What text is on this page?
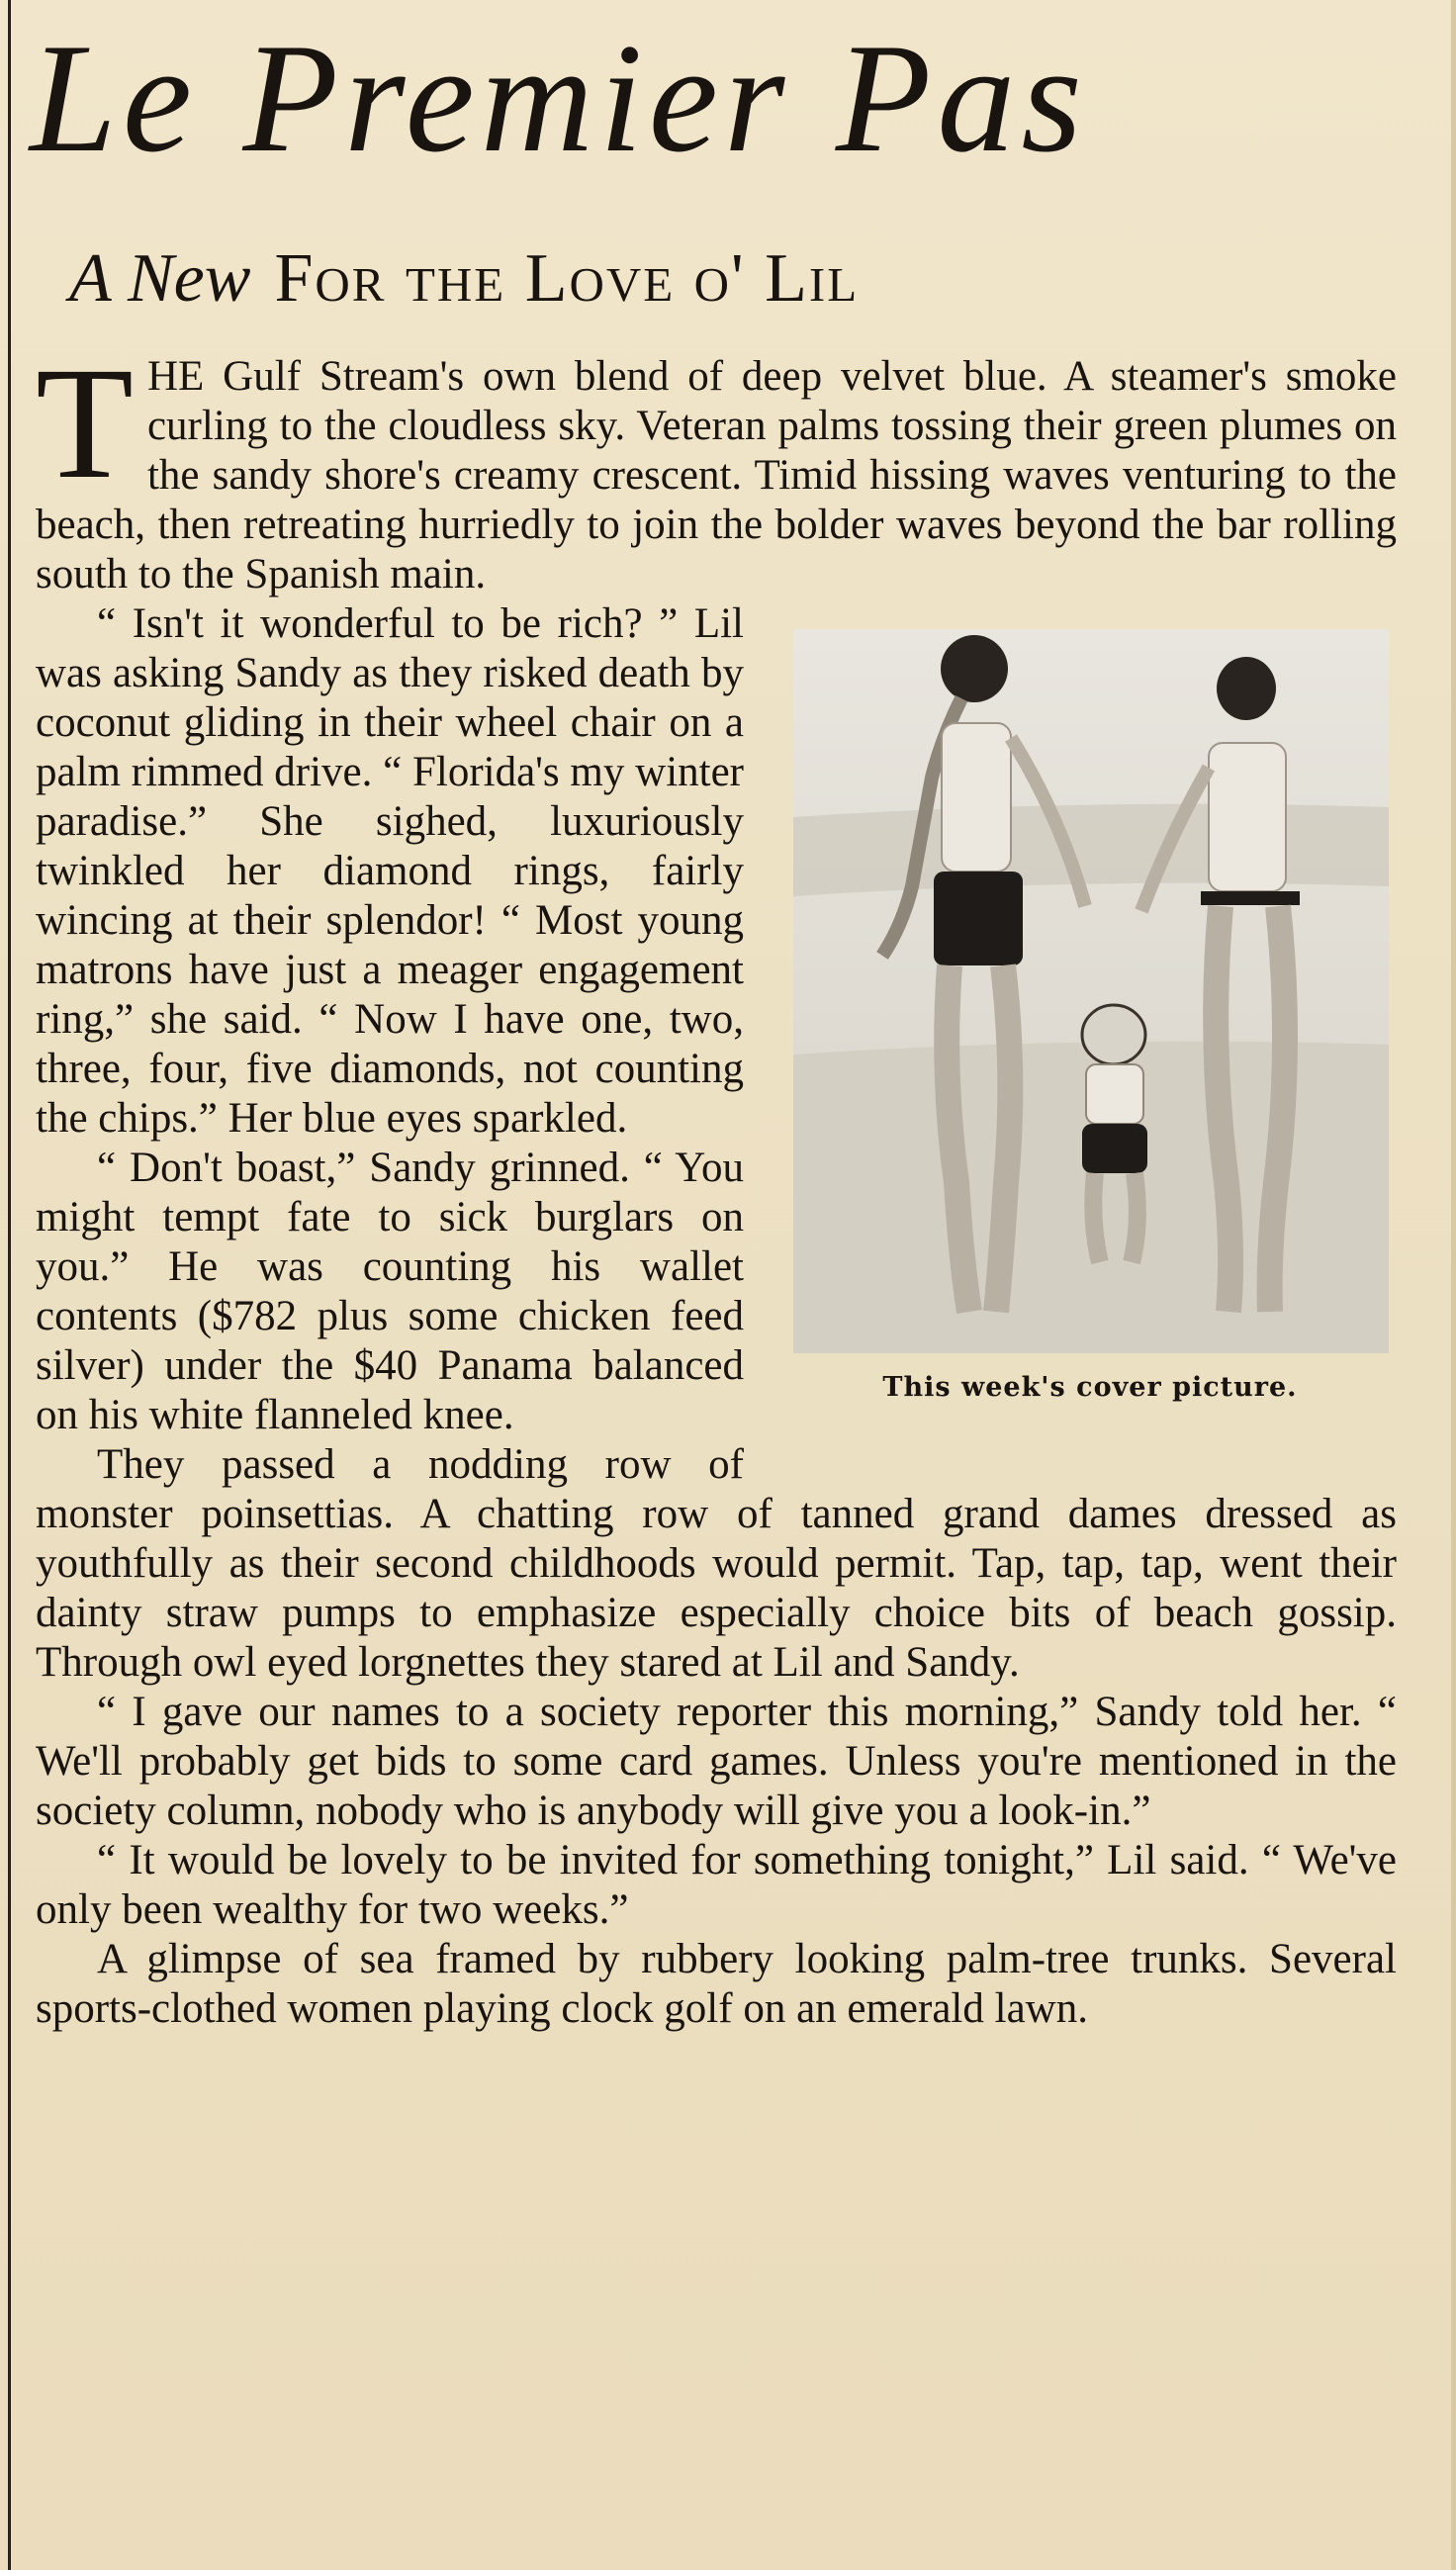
Le Premier Pas
A New For the Love o' Lil

THE Gulf Stream's own blend of deep velvet blue. A steamer's smoke curling to the cloudless sky. Veteran palms tossing their green plumes on the sandy shore's creamy crescent. Timid hissing waves venturing to the beach, then retreating hurriedly to join the bolder waves beyond the bar rolling south to the Spanish main.

This week's cover picture.
“ Isn't it wonderful to be rich? ” Lil was asking Sandy as they risked death by coconut gliding in their wheel chair on a palm rimmed drive. “ Florida's my winter paradise.” She sighed, luxuriously twinkled her diamond rings, fairly wincing at their splendor! “ Most young matrons have just a meager engagement ring,” she said. “ Now I have one, two, three, four, five diamonds, not counting the chips.” Her blue eyes sparkled.

“ Don't boast,” Sandy grinned. “ You might tempt fate to sick burglars on you.” He was counting his wallet contents ($782 plus some chicken feed silver) under the $40 Panama balanced on his white flanneled knee.

They passed a nodding row of monster poinsettias. A chatting row of tanned grand dames dressed as youthfully as their second childhoods would permit. Tap, tap, tap, went their dainty straw pumps to emphasize especially choice bits of beach gossip. Through owl eyed lorgnettes they stared at Lil and Sandy.

“ I gave our names to a society reporter this morning,” Sandy told her. “ We'll probably get bids to some card games. Unless you're mentioned in the society column, nobody who is anybody will give you a look-in.”

“ It would be lovely to be invited for something tonight,” Lil said. “ We've only been wealthy for two weeks.”

A glimpse of sea framed by rubbery looking palm-tree trunks. Several sports-clothed women playing clock golf on an emerald lawn.
